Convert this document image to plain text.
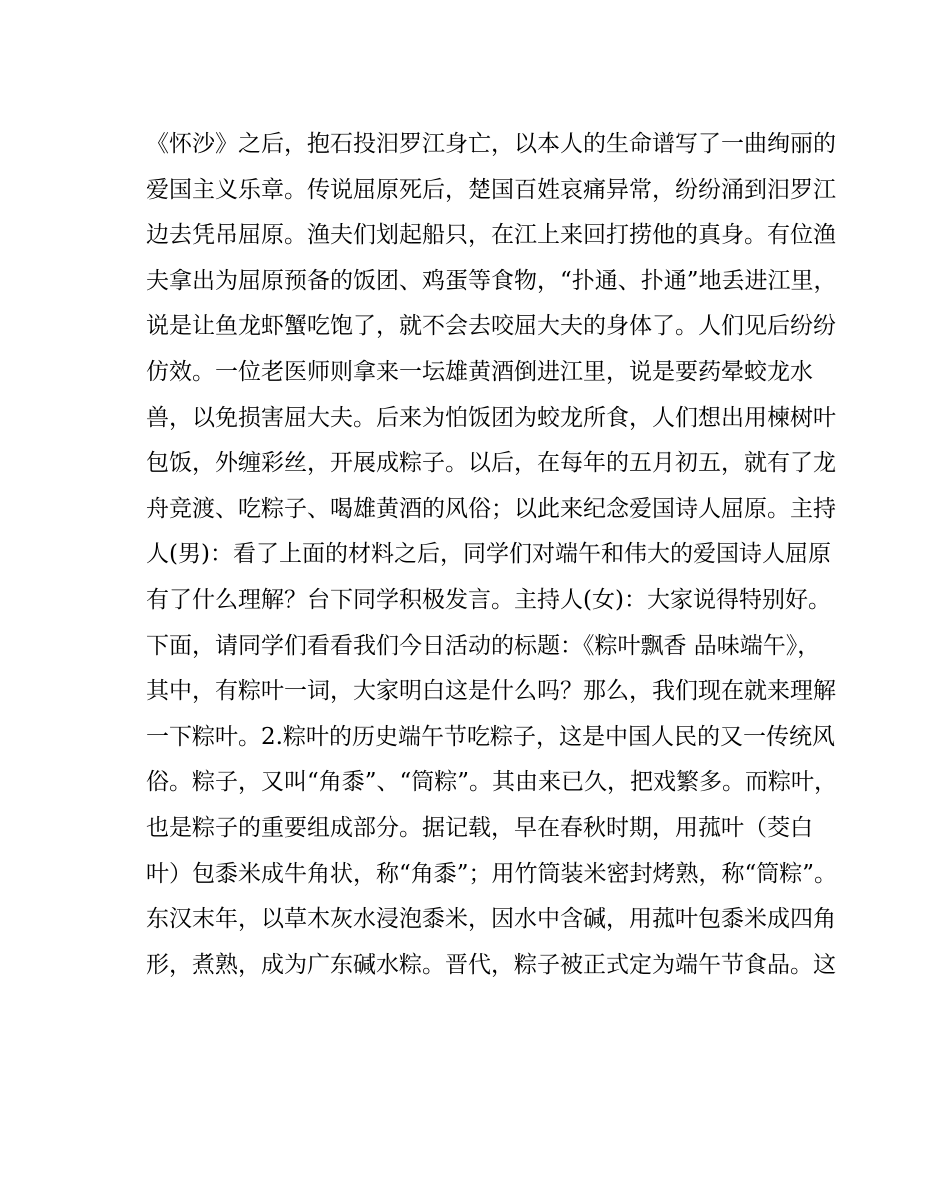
《怀沙》之后，抱石投汨罗江身亡，以本人的生命谱写了一曲绚丽的
爱国主义乐章。传说屈原死后，楚国百姓哀痛异常，纷纷涌到汨罗江
边去凭吊屈原。渔夫们划起船只，在江上来回打捞他的真身。有位渔
夫拿出为屈原预备的饭团、鸡蛋等食物，“扑通、扑通”地丢进江里，
说是让鱼龙虾蟹吃饱了，就不会去咬屈大夫的身体了。人们见后纷纷
仿效。一位老医师则拿来一坛雄黄酒倒进江里，说是要药晕蛟龙水
兽，以免损害屈大夫。后来为怕饭团为蛟龙所食，人们想出用楝树叶
包饭，外缠彩丝，开展成粽子。以后，在每年的五月初五，就有了龙
舟竞渡、吃粽子、喝雄黄酒的风俗；以此来纪念爱国诗人屈原。主持
人(男)：看了上面的材料之后，同学们对端午和伟大的爱国诗人屈原
有了什么理解？台下同学积极发言。主持人(女)：大家说得特别好。
下面，请同学们看看我们今日活动的标题：《粽叶飘香 品味端午》，
其中，有粽叶一词，大家明白这是什么吗？那么，我们现在就来理解
一下粽叶。2.粽叶的历史端午节吃粽子，这是中国人民的又一传统风
俗。粽子，又叫“角黍”、“筒粽”。其由来已久，把戏繁多。而粽叶，
也是粽子的重要组成部分。据记载，早在春秋时期，用菰叶（茭白
叶）包黍米成牛角状，称“角黍”；用竹筒装米密封烤熟，称“筒粽”。
东汉末年，以草木灰水浸泡黍米，因水中含碱，用菰叶包黍米成四角
形，煮熟，成为广东碱水粽。晋代，粽子被正式定为端午节食品。这
